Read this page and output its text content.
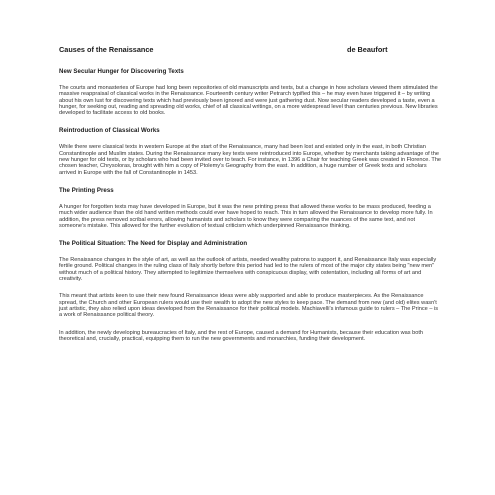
Causes of the Renaissance	de Beaufort
New Secular Hunger for Discovering Texts

The courts and monasteries of Europe had long been repositories of old manuscripts and texts, but a change in how scholars viewed them stimulated the massive reappraisal of classical works in the Renaissance. Fourteenth century writer Petrarch typified this – he may even have triggered it – by writing about his own lust for discovering texts which had previously been ignored and were just gathering dust. Now secular readers developed a taste, even a hunger, for seeking out, reading and spreading old works, chief of all classical writings, on a more widespread level than centuries previous. New libraries developed to facilitate access to old books.

Reintroduction of Classical Works

While there were classical texts in western Europe at the start of the Renaissance, many had been lost and existed only in the east, in both Christian Constantinople and Muslim states. During the Renaissance many key texts were reintroduced into Europe, whether by merchants taking advantage of the new hunger for old texts, or by scholars who had been invited over to teach. For instance, in 1396 a Chair for teaching Greek was created in Florence. The chosen teacher, Chrysoloras, brought with him a copy of Ptolemy's Geography from the east. In addition, a huge number of Greek texts and scholars arrived in Europe with the fall of Constantinople in 1453.

The Printing Press

A hunger for forgotten texts may have developed in Europe, but it was the new printing press that allowed these works to be mass produced, feeding a much wider audience than the old hand written methods could ever have hoped to reach. This in turn allowed the Renaissance to develop more fully. In addition, the press removed scribal errors, allowing humanists and scholars to know they were comparing the nuances of the same text, and not someone's mistake. This allowed for the further evolution of textual criticism which underpinned Renaissance thinking.

The Political Situation: The Need for Display and Administration

The Renaissance changes in the style of art, as well as the outlook of artists, needed wealthy patrons to support it, and Renaissance Italy was especially fertile ground. Political changes in the ruling class of Italy shortly before this period had led to the rulers of most of the major city states being "new men" without much of a political history. They attempted to legitimize themselves with conspicuous display, with ostentation, including all forms of art and creativity.

This meant that artists keen to use their new found Renaissance ideas were ably supported and able to produce masterpieces. As the Renaissance spread, the Church and other European rulers would use their wealth to adopt the new styles to keep pace. The demand from new (and old) elites wasn't just artistic, they also relied upon ideas developed from the Renaissance for their political models. Machiavelli's infamous guide to rulers – The Prince – is a work of Renaissance political theory.

In addition, the newly developing bureaucracies of Italy, and the rest of Europe, caused a demand for Humanists, because their education was both theoretical and, crucially, practical, equipping them to run the new governments and monarchies, funding their development.
